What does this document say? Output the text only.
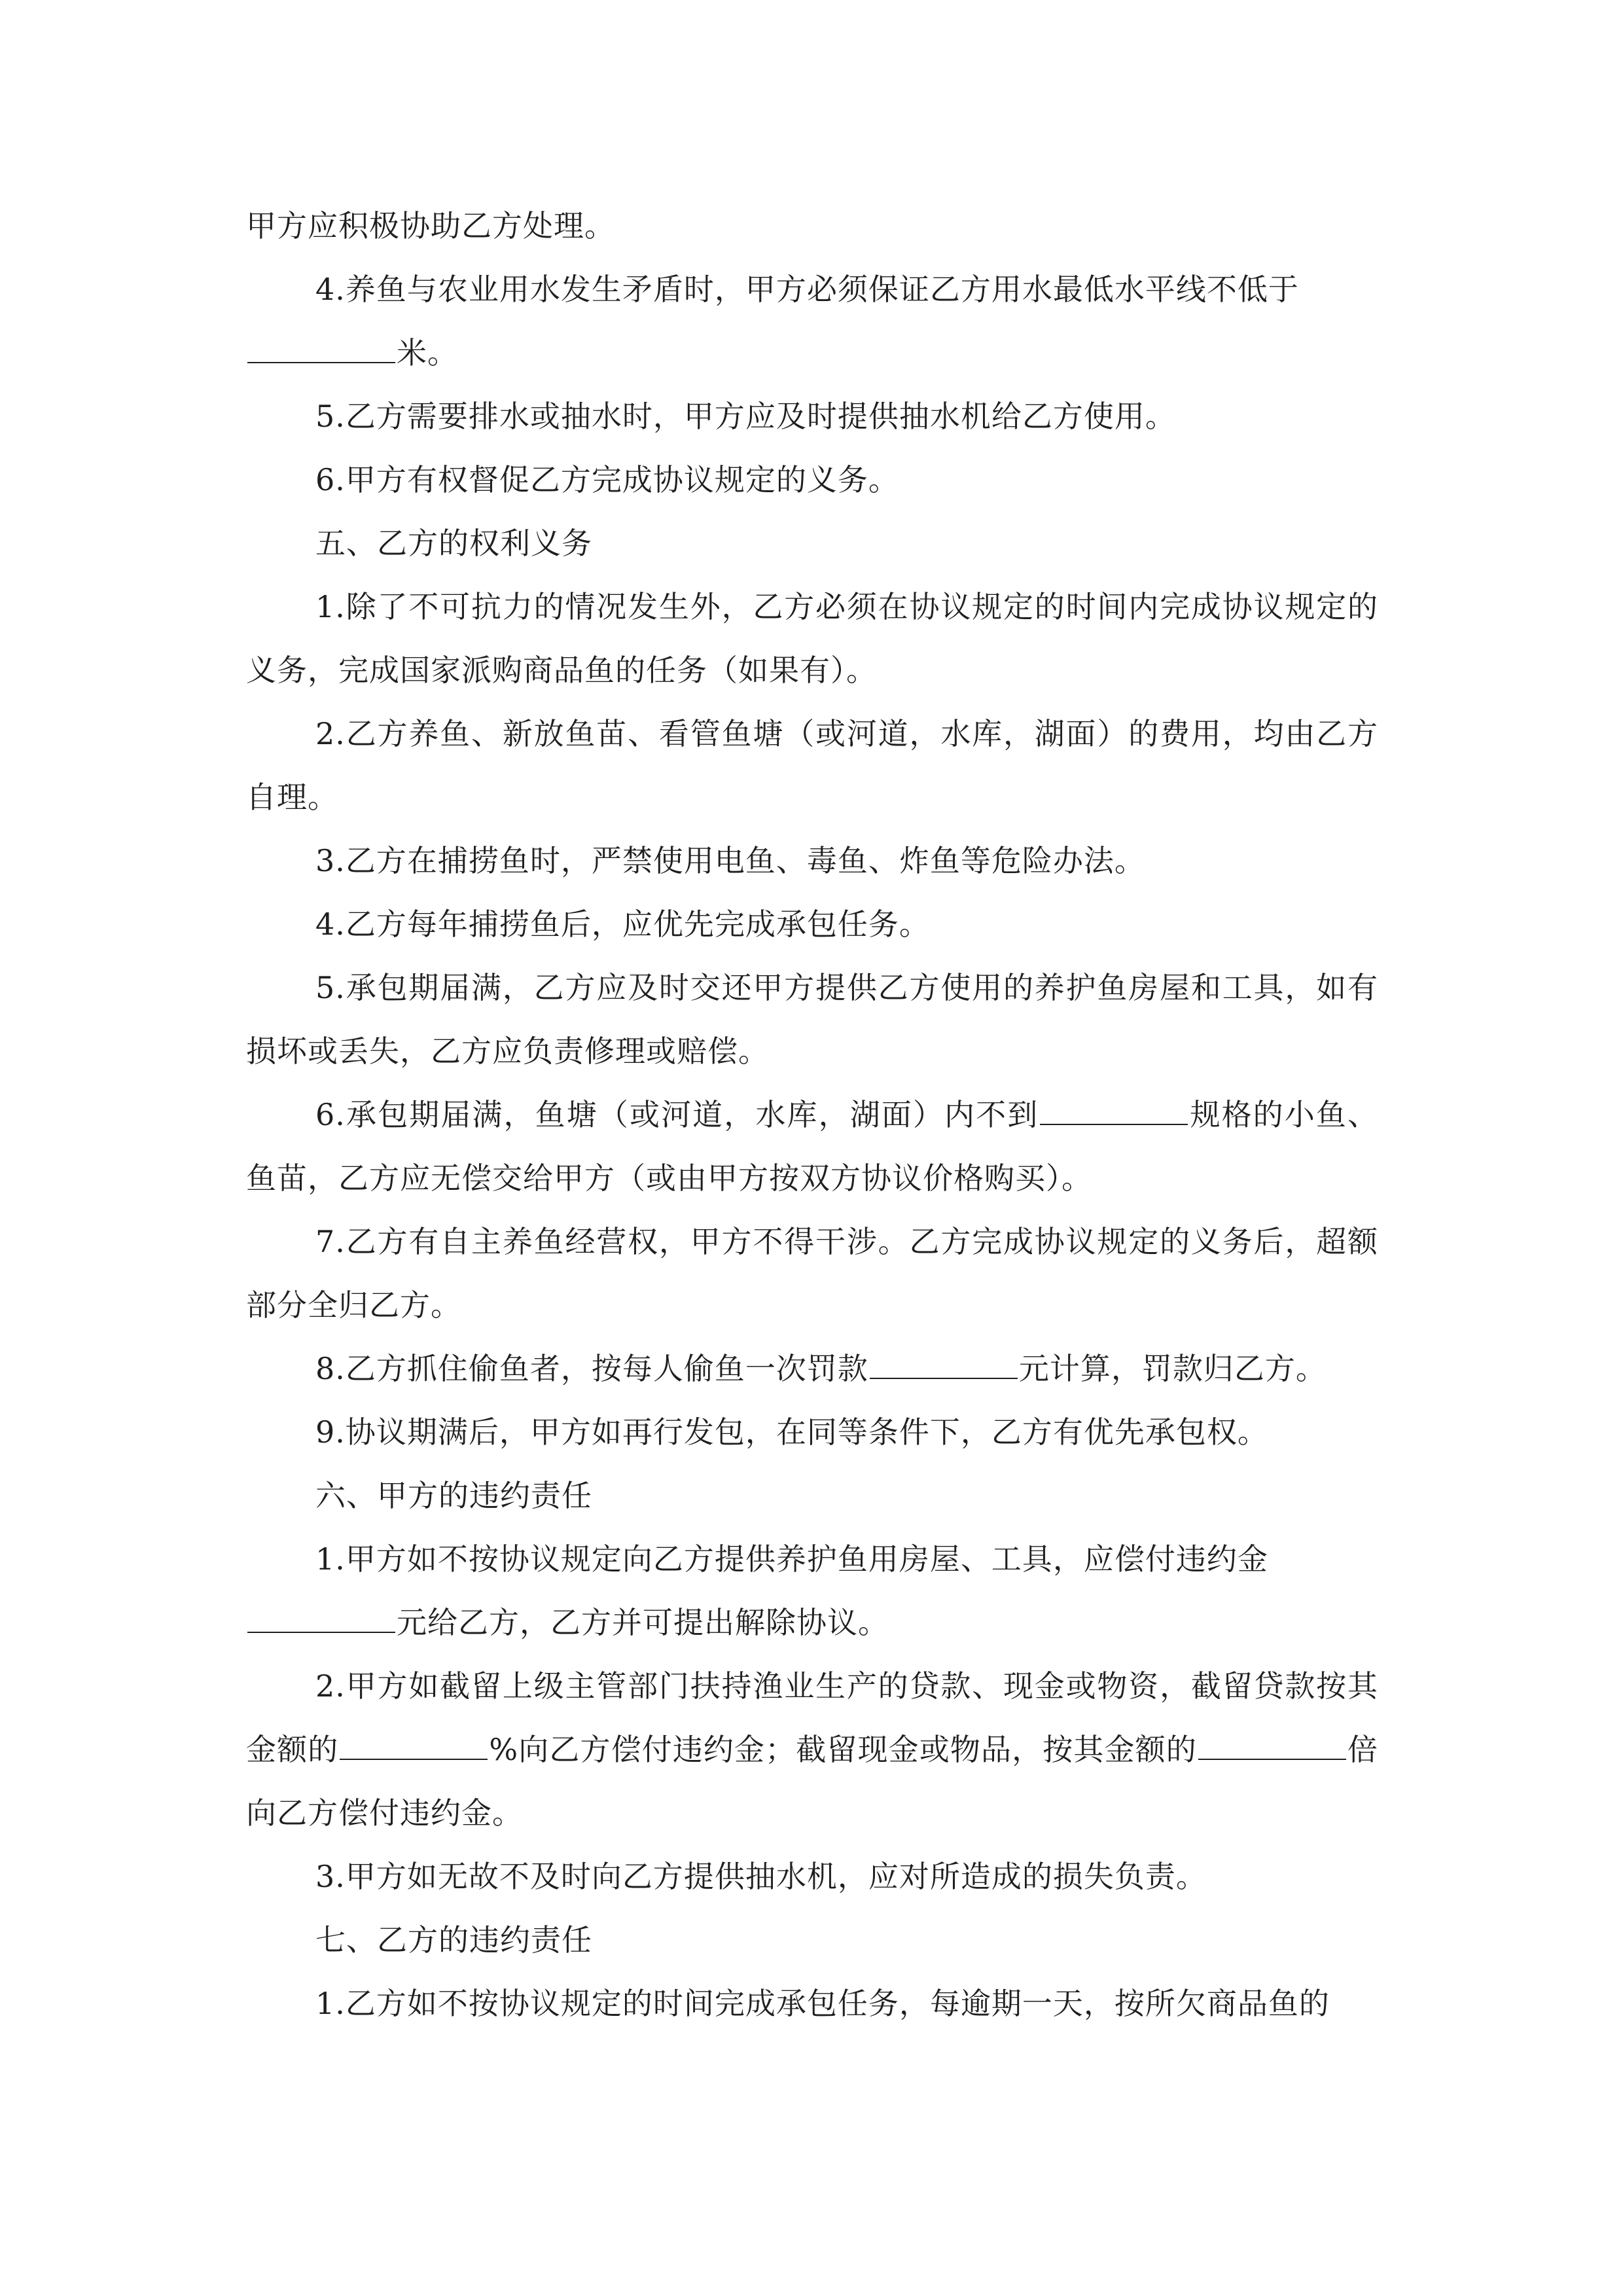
甲方应积极协助乙方处理。

4.养鱼与农业用水发生矛盾时，甲方必须保证乙方用水最低水平线不低于

米。

5.乙方需要排水或抽水时，甲方应及时提供抽水机给乙方使用。

6.甲方有权督促乙方完成协议规定的义务。

五、乙方的权利义务

1.除了不可抗力的情况发生外，乙方必须在协议规定的时间内完成协议规定的义务，完成国家派购商品鱼的任务（如果有）。

2.乙方养鱼、新放鱼苗、看管鱼塘（或河道，水库，湖面）的费用，均由乙方自理。

3.乙方在捕捞鱼时，严禁使用电鱼、毒鱼、炸鱼等危险办法。

4.乙方每年捕捞鱼后，应优先完成承包任务。

5.承包期届满，乙方应及时交还甲方提供乙方使用的养护鱼房屋和工具，如有损坏或丢失，乙方应负责修理或赔偿。

6.承包期届满，鱼塘（或河道，水库，湖面）内不到	规格的小鱼、鱼苗，乙方应无偿交给甲方（或由甲方按双方协议价格购买）。

7.乙方有自主养鱼经营权，甲方不得干涉。乙方完成协议规定的义务后，超额部分全归乙方。

8.乙方抓住偷鱼者，按每人偷鱼一次罚款	元计算，罚款归乙方。

9.协议期满后，甲方如再行发包，在同等条件下，乙方有优先承包权。

六、甲方的违约责任

1.甲方如不按协议规定向乙方提供养护鱼用房屋、工具，应偿付违约金

元给乙方，乙方并可提出解除协议。

2.甲方如截留上级主管部门扶持渔业生产的贷款、现金或物资，截留贷款按其金额的	%向乙方偿付违约金；截留现金或物品，按其金额的	倍向乙方偿付违约金。

3.甲方如无故不及时向乙方提供抽水机，应对所造成的损失负责。

七、乙方的违约责任

1.乙方如不按协议规定的时间完成承包任务，每逾期一天，按所欠商品鱼的
